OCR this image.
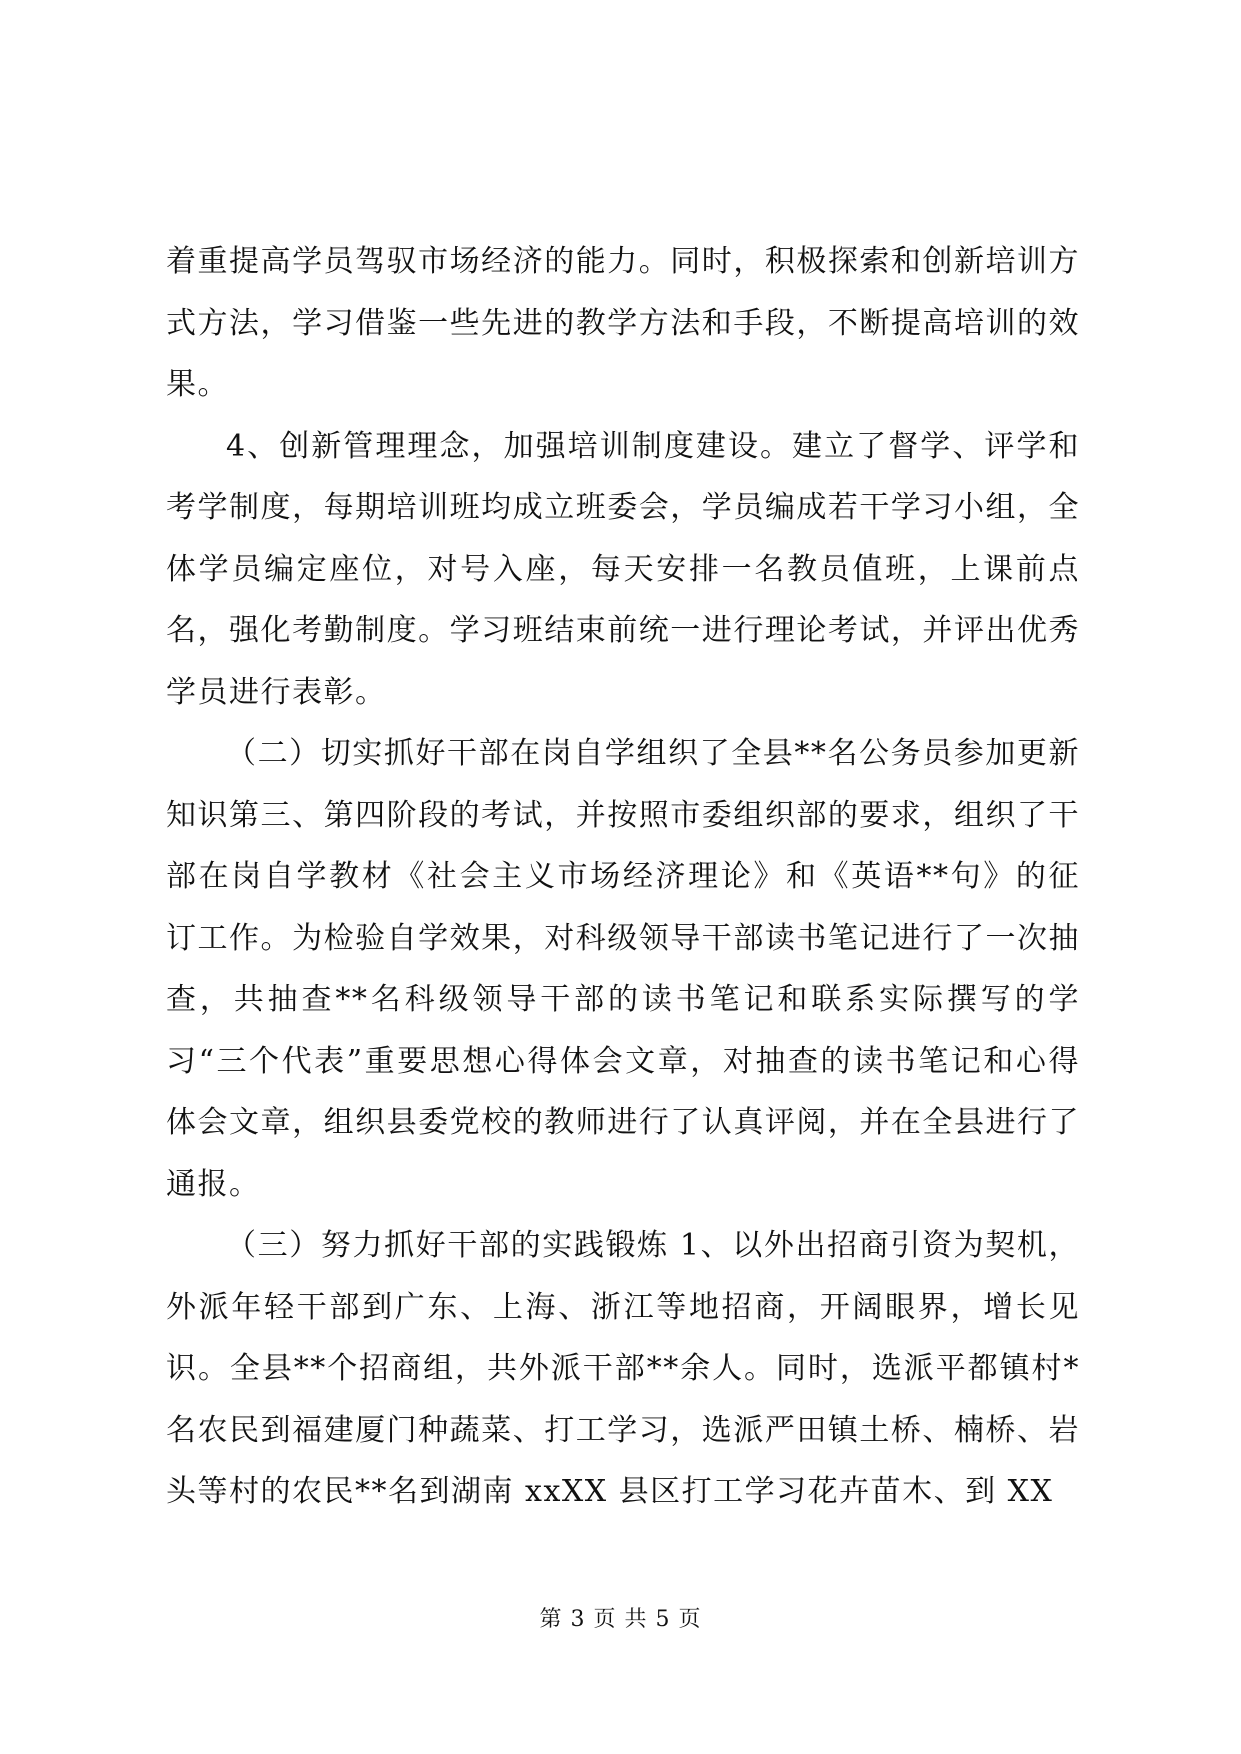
着重提高学员驾驭市场经济的能力。同时，积极探索和创新培训方式方法，学习借鉴一些先进的教学方法和手段，不断提高培训的效果。

4、创新管理理念，加强培训制度建设。建立了督学、评学和考学制度，每期培训班均成立班委会，学员编成若干学习小组，全体学员编定座位，对号入座，每天安排一名教员值班，上课前点名，强化考勤制度。学习班结束前统一进行理论考试，并评出优秀学员进行表彰。

（二）切实抓好干部在岗自学组织了全县**名公务员参加更新知识第三、第四阶段的考试，并按照市委组织部的要求，组织了干部在岗自学教材《社会主义市场经济理论》和《英语**句》的征订工作。为检验自学效果，对科级领导干部读书笔记进行了一次抽查，共抽查**名科级领导干部的读书笔记和联系实际撰写的学习“三个代表”重要思想心得体会文章，对抽查的读书笔记和心得体会文章，组织县委党校的教师进行了认真评阅，并在全县进行了通报。

（三）努力抓好干部的实践锻炼 1、以外出招商引资为契机，外派年轻干部到广东、上海、浙江等地招商，开阔眼界，增长见识。全县**个招商组，共外派干部**余人。同时，选派平都镇村*名农民到福建厦门种蔬菜、打工学习，选派严田镇土桥、楠桥、岩头等村的农民**名到湖南 xxXX 县区打工学习花卉苗木、到 XX

第 3 页 共 5 页
